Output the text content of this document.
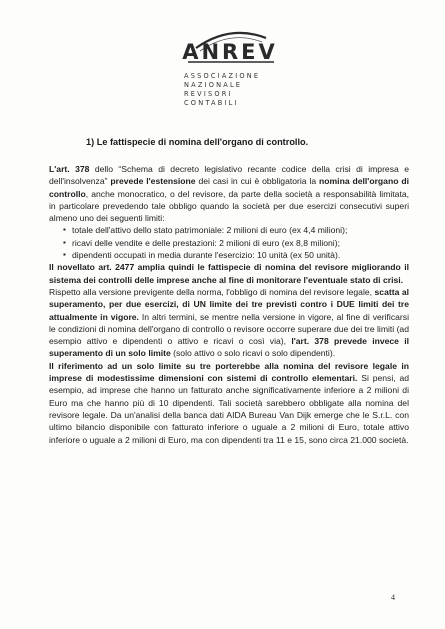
ANREV
ASSOCIAZIONE
NAZIONALE
REVISORI
CONTABILI
1) Le fattispecie di nomina dell'organo di controllo.

L'art. 378 dello “Schema di decreto legislativo recante codice della crisi di impresa e dell'insolvenza” prevede l'estensione dei casi in cui è obbligatoria la nomina dell'organo di controllo, anche monocratico, o del revisore, da parte della società a responsabilità limitata, in particolare prevedendo tale obbligo quando la società per due esercizi consecutivi superi almeno uno dei seguenti limiti:

▪ totale dell'attivo dello stato patrimoniale: 2 milioni di euro (ex 4,4 milioni);
▪ ricavi delle vendite e delle prestazioni: 2 milioni di euro (ex 8,8 milioni);
▪ dipendenti occupati in media durante l'esercizio: 10 unità (ex 50 unità).

Il novellato art. 2477 amplia quindi le fattispecie di nomina del revisore migliorando il sistema dei controlli delle imprese anche al fine di monitorare l'eventuale stato di crisi.

Rispetto alla versione previgente della norma, l'obbligo di nomina del revisore legale, scatta al superamento, per due esercizi, di UN limite dei tre previsti contro i DUE limiti dei tre attualmente in vigore. In altri termini, se mentre nella versione in vigore, al fine di verificarsi le condizioni di nomina dell'organo di controllo o revisore occorre superare due dei tre limiti (ad esempio attivo e dipendenti o attivo e ricavi o così via), l'art. 378 prevede invece il superamento di un solo limite (solo attivo o solo ricavi o solo dipendenti).

Il riferimento ad un solo limite su tre porterebbe alla nomina del revisore legale in imprese di modestissime dimensioni con sistemi di controllo elementari. Si pensi, ad esempio, ad imprese che hanno un fatturato anche significativamente inferiore a 2 milioni di Euro ma che hanno più di 10 dipendenti. Tali società sarebbero obbligate alla nomina del revisore legale. Da un'analisi della banca dati AIDA Bureau Van Dijk emerge che le S.r.L. con ultimo bilancio disponibile con fatturato inferiore o uguale a 2 milioni di Euro, totale attivo inferiore o uguale a 2 milioni di Euro, ma con dipendenti tra 11 e 15, sono circa 21.000 società.

4
